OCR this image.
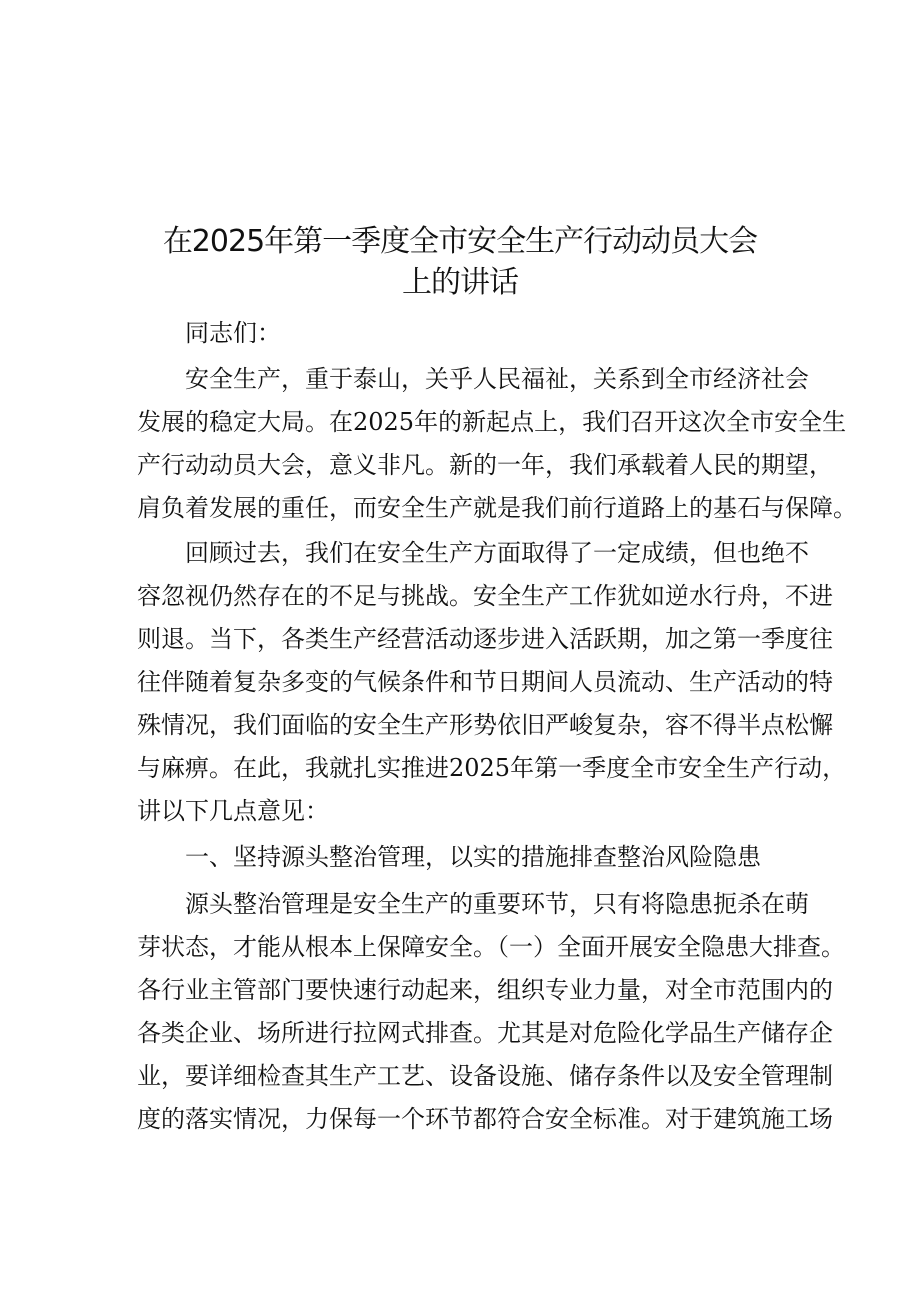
在2025年第一季度全市安全生产行动动员大会
上的讲话

同志们：

安全生产，重于泰山，关乎人民福祉，关系到全市经济社会

发展的稳定大局。在2025年的新起点上，我们召开这次全市安全生

产行动动员大会，意义非凡。新的一年，我们承载着人民的期望，

肩负着发展的重任，而安全生产就是我们前行道路上的基石与保障。

回顾过去，我们在安全生产方面取得了一定成绩，但也绝不

容忽视仍然存在的不足与挑战。安全生产工作犹如逆水行舟，不进

则退。当下，各类生产经营活动逐步进入活跃期，加之第一季度往

往伴随着复杂多变的气候条件和节日期间人员流动、生产活动的特

殊情况，我们面临的安全生产形势依旧严峻复杂，容不得半点松懈

与麻痹。在此，我就扎实推进2025年第一季度全市安全生产行动，

讲以下几点意见：

一、坚持源头整治管理，以实的措施排查整治风险隐患

源头整治管理是安全生产的重要环节，只有将隐患扼杀在萌

芽状态，才能从根本上保障安全。（一）全面开展安全隐患大排查。

各行业主管部门要快速行动起来，组织专业力量，对全市范围内的

各类企业、场所进行拉网式排查。尤其是对危险化学品生产储存企

业，要详细检查其生产工艺、设备设施、储存条件以及安全管理制

度的落实情况，力保每一个环节都符合安全标准。对于建筑施工场
